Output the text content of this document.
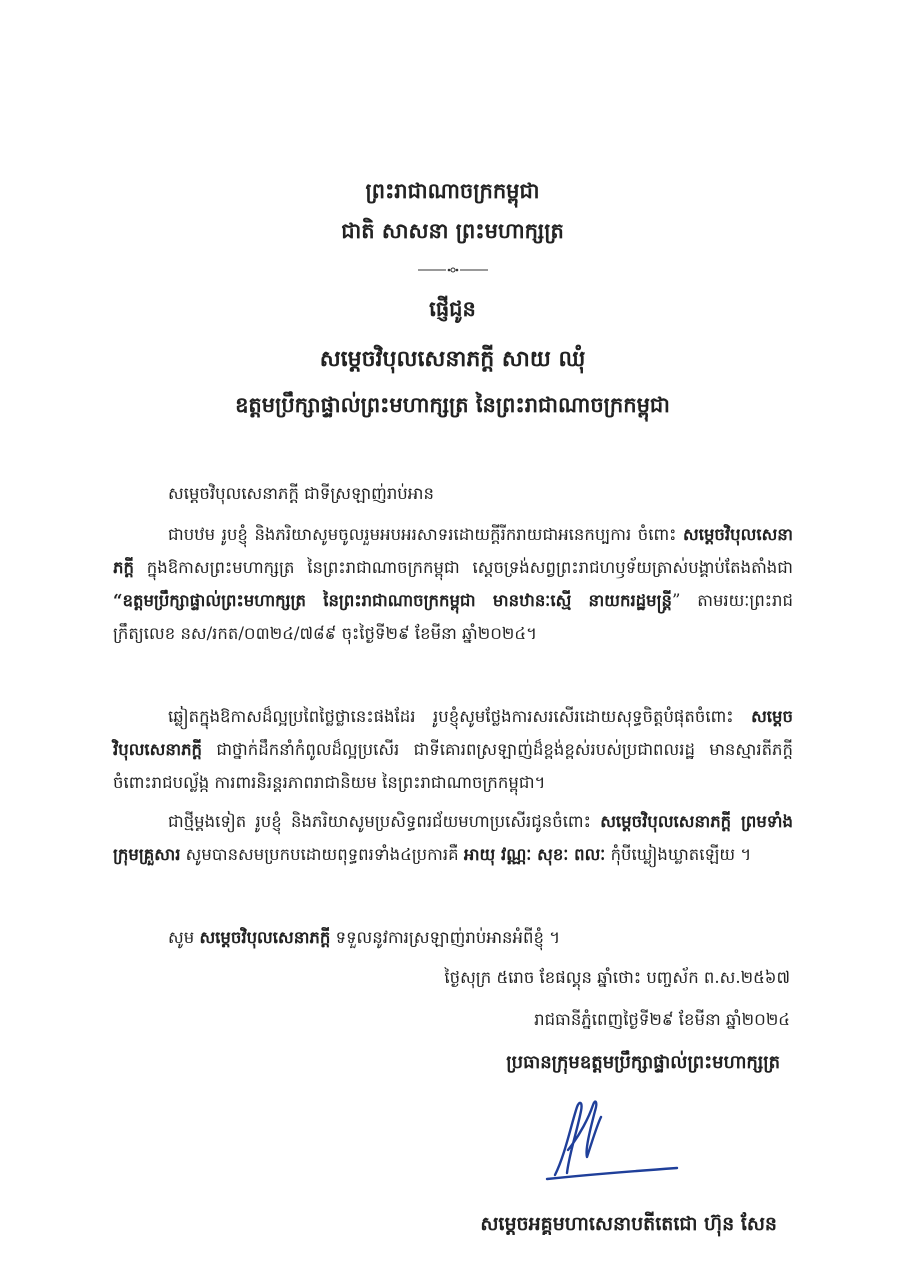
ព្រះរាជាណាចក្រកម្ពុជា
ជាតិ សាសនា ព្រះមហាក្សត្រ
ផ្ញើជូន
សម្តេចវិបុលសេនាភក្តី សាយ ឈុំ
ឧត្តមប្រឹក្សាផ្ទាល់ព្រះមហាក្សត្រ នៃព្រះរាជាណាចក្រកម្ពុជា
សម្តេចវិបុលសេនាភក្តី ជាទីស្រឡាញ់រាប់អាន
ជាបឋម រូបខ្ញុំ និងភរិយាសូមចូលរួមអបអរសាទរដោយក្តីរីករាយជាអនេកប្បការ ចំពោះ សម្តេចវិបុលសេនាភក្តី ក្នុងឱកាសព្រះមហាក្សត្រ នៃព្រះរាជាណាចក្រកម្ពុជា ស្តេចទ្រង់សព្វព្រះរាជហឫទ័យត្រាស់បង្គាប់តែងតាំងជា “ឧត្តមប្រឹក្សាផ្ទាល់ព្រះមហាក្សត្រ នៃព្រះរាជាណាចក្រកម្ពុជា មានឋានៈស្មើ នាយករដ្ឋមន្រ្តី” តាមរយៈព្រះរាជក្រឹត្យលេខ នស/រកត/០៣២៤/៧៨៩ ចុះថ្ងៃទី២៩ ខែមីនា ឆ្នាំ២០២៤។
ឆ្លៀតក្នុងឱកាសដ៏ល្អប្រពៃថ្លៃថ្លានេះផងដែរ រូបខ្ញុំសូមថ្លែងការសរសើរដោយសុទ្ធចិត្តបំផុតចំពោះ សម្តេចវិបុលសេនាភក្តី ជាថ្នាក់ដឹកនាំកំពូលដ៏ល្អប្រសើរ ជាទីគោរពស្រឡាញ់ដ៏ខ្ពង់ខ្ពស់របស់ប្រជាពលរដ្ឋ មានស្មារតីភក្តីចំពោះរាជបល្ល័ង្ក ការពារនិរន្តរភាពរាជានិយម នៃព្រះរាជាណាចក្រកម្ពុជា។
ជាថ្មីម្តងទៀត រូបខ្ញុំ និងភរិយាសូមប្រសិទ្ធពរជ័យមហាប្រសើរជូនចំពោះ សម្តេចវិបុលសេនាភក្តី ព្រមទាំងក្រុមគ្រួសារ សូមបានសមប្រកបដោយពុទ្ធពរទាំង៤ប្រការគឺ អាយុ វណ្ណៈ សុខៈ ពលៈ កុំបីឃ្លៀងឃ្លាតឡើយ ។
សូម សម្តេចវិបុលសេនាភក្តី ទទួលនូវការស្រឡាញ់រាប់អានអំពីខ្ញុំ ។
ថ្ងៃសុក្រ ៥រោច ខែផល្គុន ឆ្នាំថោះ បញ្ចស័ក ព.ស.២៥៦៧
រាជធានីភ្នំពេញថ្ងៃទី២៩ ខែមីនា ឆ្នាំ២០២៤
ប្រធានក្រុមឧត្តមប្រឹក្សាផ្ទាល់ព្រះមហាក្សត្រ
សម្តេចអគ្គមហាសេនាបតីតេជោ ហ៊ុន សែន
